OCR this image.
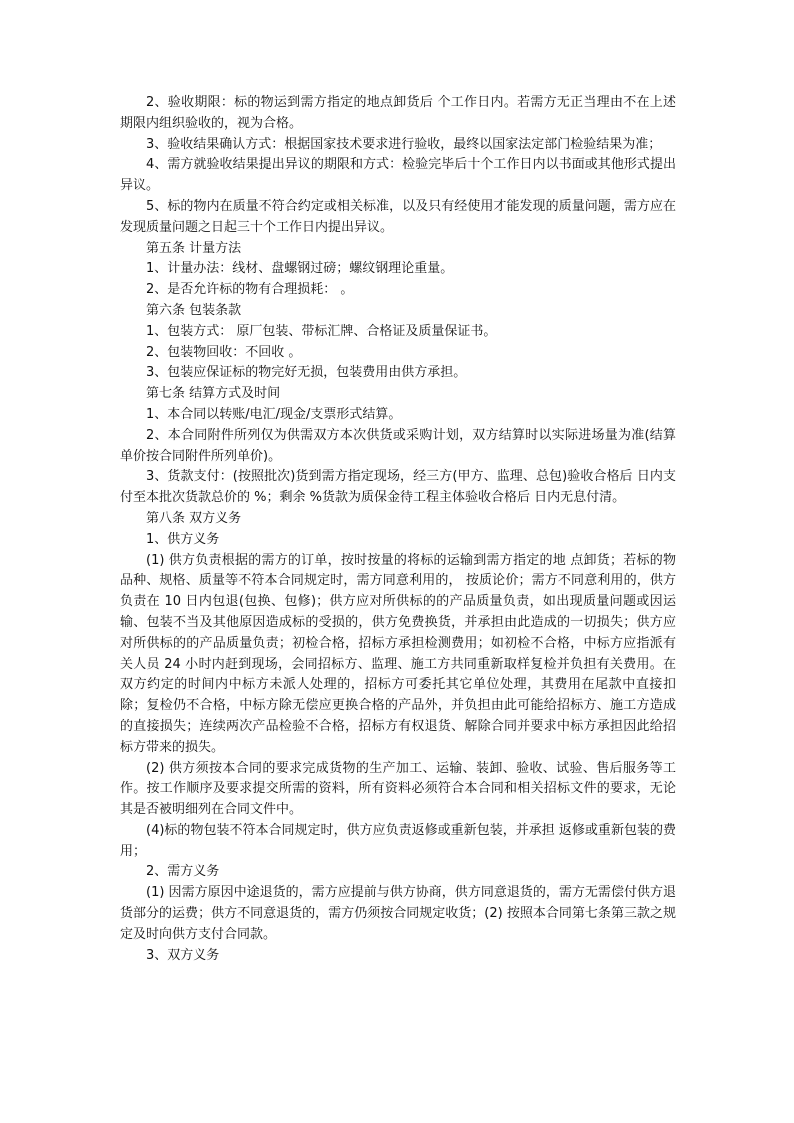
2、验收期限：标的物运到需方指定的地点卸货后 个工作日内。若需方无正当理由不在上述期限内组织验收的，视为合格。

3、验收结果确认方式：根据国家技术要求进行验收，最终以国家法定部门检验结果为准；

4、需方就验收结果提出异议的期限和方式：检验完毕后十个工作日内以书面或其他形式提出异议。

5、标的物内在质量不符合约定或相关标准，以及只有经使用才能发现的质量问题，需方应在发现质量问题之日起三十个工作日内提出异议。

第五条 计量方法

1、计量办法：线材、盘螺钢过磅；螺纹钢理论重量。

2、是否允许标的物有合理损耗： 。

第六条 包装条款

1、包装方式： 原厂包装、带标汇牌、合格证及质量保证书。

2、包装物回收：不回收 。

3、包装应保证标的物完好无损，包装费用由供方承担。

第七条 结算方式及时间

1、本合同以转账/电汇/现金/支票形式结算。

2、本合同附件所列仅为供需双方本次供货或采购计划，双方结算时以实际进场量为准(结算单价按合同附件所列单价)。

3、货款支付：(按照批次)货到需方指定现场，经三方(甲方、监理、总包)验收合格后 日内支付至本批次货款总价的 %；剩余 %货款为质保金待工程主体验收合格后 日内无息付清。

第八条 双方义务

1、供方义务

(1) 供方负责根据的需方的订单，按时按量的将标的运输到需方指定的地 点卸货；若标的物品种、规格、质量等不符本合同规定时，需方同意利用的， 按质论价；需方不同意利用的，供方负责在 10 日内包退(包换、包修)；供方应对所供标的的产品质量负责，如出现质量问题或因运输、包装不当及其他原因造成标的受损的，供方免费换货，并承担由此造成的一切损失；供方应对所供标的的产品质量负责；初检合格，招标方承担检测费用；如初检不合格，中标方应指派有关人员 24 小时内赶到现场，会同招标方、监理、施工方共同重新取样复检并负担有关费用。在双方约定的时间内中标方未派人处理的，招标方可委托其它单位处理，其费用在尾款中直接扣除；复检仍不合格，中标方除无偿应更换合格的产品外，并负担由此可能给招标方、施工方造成的直接损失；连续两次产品检验不合格，招标方有权退货、解除合同并要求中标方承担因此给招标方带来的损失。

(2) 供方须按本合同的要求完成货物的生产加工、运输、装卸、验收、试验、售后服务等工作。按工作顺序及要求提交所需的资料，所有资料必须符合本合同和相关招标文件的要求，无论其是否被明细列在合同文件中。

(4)标的物包装不符本合同规定时，供方应负责返修或重新包装，并承担 返修或重新包装的费用；

2、需方义务

(1) 因需方原因中途退货的，需方应提前与供方协商，供方同意退货的，需方无需偿付供方退货部分的运费；供方不同意退货的，需方仍须按合同规定收货；(2) 按照本合同第七条第三款之规定及时向供方支付合同款。

3、双方义务
